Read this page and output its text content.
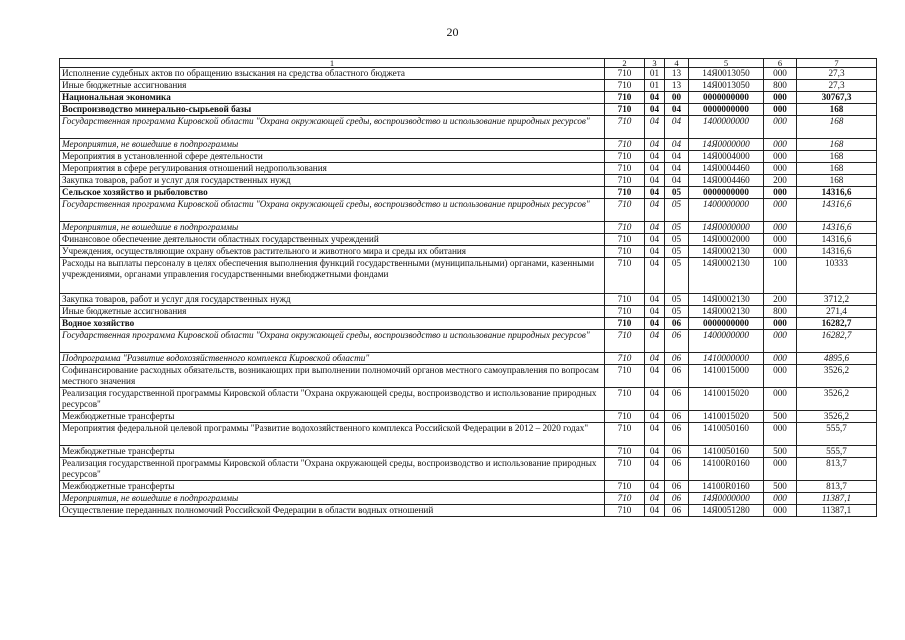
20
1	2	3	4	5	6	7
Исполнение судебных актов по обращению взыскания на средства областного бюджета	710	01	13	14Я0013050	000	27,3
Иные бюджетные ассигнования	710	01	13	14Я0013050	800	27,3
Национальная экономика	710	04	00	0000000000	000	30767,3
Воспроизводство минерально-сырьевой базы	710	04	04	0000000000	000	168
Государственная программа Кировской области "Охрана окружающей среды, воспроизводство и использование природных ресурсов"	710	04	04	1400000000	000	168
Мероприятия, не вошедшие в подпрограммы	710	04	04	14Я0000000	000	168
Мероприятия в установленной сфере деятельности	710	04	04	14Я0004000	000	168
Мероприятия в сфере регулирования отношений недропользования	710	04	04	14Я0004460	000	168
Закупка товаров, работ и услуг для государственных нужд	710	04	04	14Я0004460	200	168
Сельское хозяйство и рыболовство	710	04	05	0000000000	000	14316,6
Государственная программа Кировской области "Охрана окружающей среды, воспроизводство и использование природных ресурсов"	710	04	05	1400000000	000	14316,6
Мероприятия, не вошедшие в подпрограммы	710	04	05	14Я0000000	000	14316,6
Финансовое обеспечение деятельности областных государственных учреждений	710	04	05	14Я0002000	000	14316,6
Учреждения, осуществляющие охрану объектов растительного и животного мира и среды их обитания	710	04	05	14Я0002130	000	14316,6
Расходы на выплаты персоналу в целях обеспечения выполнения функций государственными (муниципальными) органами, казенными учреждениями, органами управления государственными внебюджетными фондами	710	04	05	14Я0002130	100	10333
Закупка товаров, работ и услуг для государственных нужд	710	04	05	14Я0002130	200	3712,2
Иные бюджетные ассигнования	710	04	05	14Я0002130	800	271,4
Водное хозяйство	710	04	06	0000000000	000	16282,7
Государственная программа Кировской области "Охрана окружающей среды, воспроизводство и использование природных ресурсов"	710	04	06	1400000000	000	16282,7
Подпрограмма "Развитие водохозяйственного комплекса Кировской области"	710	04	06	1410000000	000	4895,6
Софинансирование расходных обязательств, возникающих при выполнении полномочий органов местного самоуправления по вопросам местного значения	710	04	06	1410015000	000	3526,2
Реализация государственной программы Кировской области "Охрана окружающей среды, воспроизводство и использование природных ресурсов"	710	04	06	1410015020	000	3526,2
Межбюджетные трансферты	710	04	06	1410015020	500	3526,2
Мероприятия федеральной целевой программы "Развитие водохозяйственного комплекса Российской Федерации в 2012 – 2020 годах"	710	04	06	1410050160	000	555,7
Межбюджетные трансферты	710	04	06	1410050160	500	555,7
Реализация государственной программы Кировской области "Охрана окружающей среды, воспроизводство и использование природных ресурсов"	710	04	06	14100R0160	000	813,7
Межбюджетные трансферты	710	04	06	14100R0160	500	813,7
Мероприятия, не вошедшие в подпрограммы	710	04	06	14Я0000000	000	11387,1
Осуществление переданных полномочий Российской Федерации в области водных отношений	710	04	06	14Я0051280	000	11387,1
